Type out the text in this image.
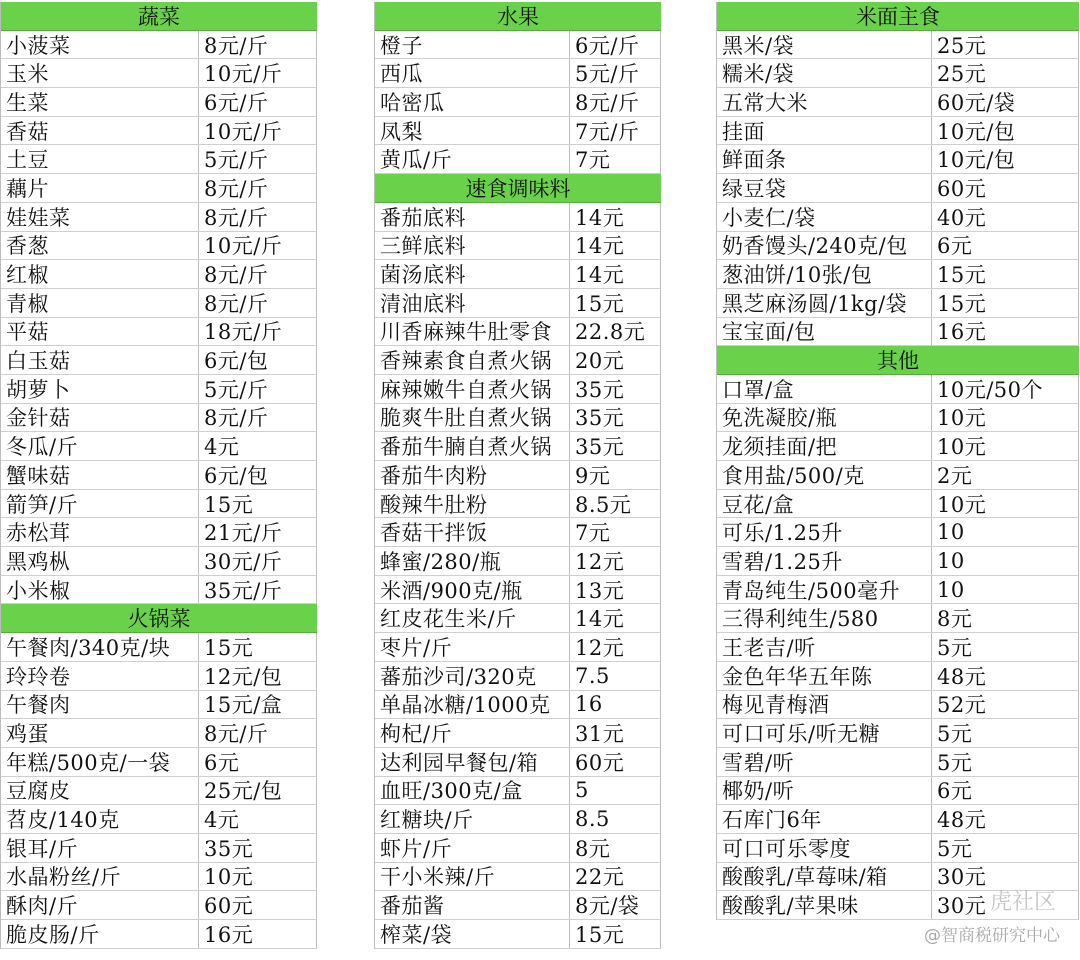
蔬菜
小菠菜	8元/斤
玉米	10元/斤
生菜	6元/斤
香菇	10元/斤
土豆	5元/斤
藕片	8元/斤
娃娃菜	8元/斤
香葱	10元/斤
红椒	8元/斤
青椒	8元/斤
平菇	18元/斤
白玉菇	6元/包
胡萝卜	5元/斤
金针菇	8元/斤
冬瓜/斤	4元
蟹味菇	6元/包
箭笋/斤	15元
赤松茸	21元/斤
黑鸡枞	30元/斤
小米椒	35元/斤
火锅菜
午餐肉/340克/块	15元
玲玲卷	12元/包
午餐肉	15元/盒
鸡蛋	8元/斤
年糕/500克/一袋	6元
豆腐皮	25元/包
苕皮/140克	4元
银耳/斤	35元
水晶粉丝/斤	10元
酥肉/斤	60元
脆皮肠/斤	16元
水果
橙子	6元/斤
西瓜	5元/斤
哈密瓜	8元/斤
凤梨	7元/斤
黄瓜/斤	7元
速食调味料
番茄底料	14元
三鲜底料	14元
菌汤底料	14元
清油底料	15元
川香麻辣牛肚零食	22.8元
香辣素食自煮火锅	20元
麻辣嫩牛自煮火锅	35元
脆爽牛肚自煮火锅	35元
番茄牛腩自煮火锅	35元
番茄牛肉粉	9元
酸辣牛肚粉	8.5元
香菇干拌饭	7元
蜂蜜/280/瓶	12元
米酒/900克/瓶	13元
红皮花生米/斤	14元
枣片/斤	12元
蕃茄沙司/320克	7.5
单晶冰糖/1000克	16
枸杞/斤	31元
达利园早餐包/箱	60元
血旺/300克/盒	5
红糖块/斤	8.5
虾片/斤	8元
干小米辣/斤	22元
番茄酱	8元/袋
榨菜/袋	15元
米面主食
黑米/袋	25元
糯米/袋	25元
五常大米	60元/袋
挂面	10元/包
鲜面条	10元/包
绿豆袋	60元
小麦仁/袋	40元
奶香馒头/240克/包	6元
葱油饼/10张/包	15元
黑芝麻汤圆/1kg/袋	15元
宝宝面/包	16元
其他
口罩/盒	10元/50个
免洗凝胶/瓶	10元
龙须挂面/把	10元
食用盐/500/克	2元
豆花/盒	10元
可乐/1.25升	10
雪碧/1.25升	10
青岛纯生/500毫升	10
三得利纯生/580	8元
王老吉/听	5元
金色年华五年陈	48元
梅见青梅酒	52元
可口可乐/听无糖	5元
雪碧/听	5元
椰奶/听	6元
石库门6年	48元
可口可乐零度	5元
酸酸乳/草莓味/箱	30元
酸酸乳/苹果味	30元 虎社区
@智商税研究中心
